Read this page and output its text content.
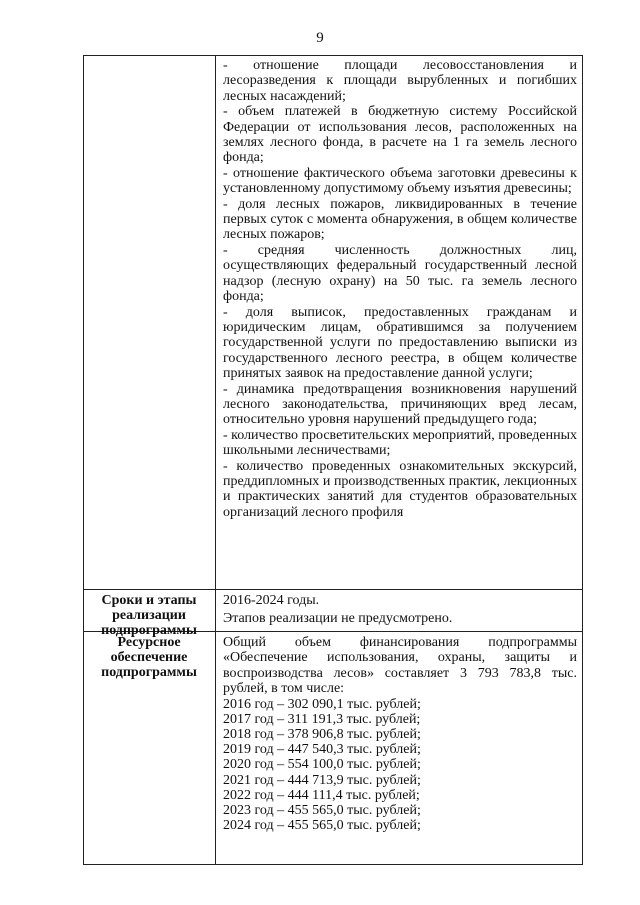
9

- отношение площади лесовосстановления и лесоразведения к площади вырубленных и погибших лесных насаждений;

- объем платежей в бюджетную систему Российской Федерации от использования лесов, расположенных на землях лесного фонда, в расчете на 1 га земель лесного фонда;

- отношение фактического объема заготовки древесины к установленному допустимому объему изъятия древесины;

- доля лесных пожаров, ликвидированных в течение первых суток с момента обнаружения, в общем количестве лесных пожаров;

- средняя численность должностных лиц, осуществляющих федеральный государственный лесной надзор (лесную охрану) на 50 тыс. га земель лесного фонда;

- доля выписок, предоставленных гражданам и юридическим лицам, обратившимся за получением государственной услуги по предоставлению выписки из государственного лесного реестра, в общем количестве принятых заявок на предоставление данной услуги;

- динамика предотвращения возникновения нарушений лесного законодательства, причиняющих вред лесам, относительно уровня нарушений предыдущего года;

- количество просветительских мероприятий, проведенных школьными лесничествами;

- количество проведенных ознакомительных экскурсий, преддипломных и производственных практик, лекционных и практических занятий для студентов образовательных организаций лесного профиля

Сроки и этапы реализации подпрограммы

2016-2024 годы.

Этапов реализации не предусмотрено.

Ресурсное обеспечение подпрограммы

Общий объем финансирования подпрограммы «Обеспечение использования, охраны, защиты и воспроизводства лесов» составляет 3 793 783,8 тыс. рублей, в том числе:

2016 год – 302 090,1 тыс. рублей;
2017 год – 311 191,3 тыс. рублей;
2018 год – 378 906,8 тыс. рублей;
2019 год – 447 540,3 тыс. рублей;
2020 год – 554 100,0 тыс. рублей;
2021 год – 444 713,9 тыс. рублей;
2022 год – 444 111,4 тыс. рублей;
2023 год – 455 565,0 тыс. рублей;
2024 год – 455 565,0 тыс. рублей;
